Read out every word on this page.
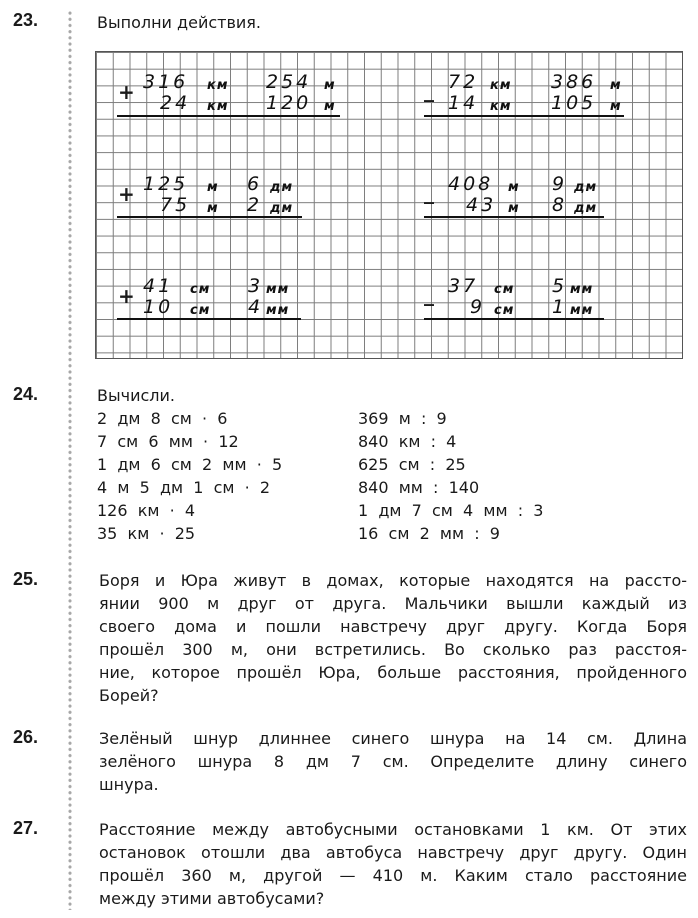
23.	Выполни действия.
+ 316 км 254 м
24 км 120 м
_ 72 км 386 м
14 км 105 м
+ 125 м 6 дм
75 м 2 дм
_ 408 м 9 дм
43 м 8 дм
+ 41 см 3 мм
10 см 4 мм
_ 37 см 5 мм
9 см 1 мм
24.	Вычисли.
2  дм  8  см  ·  6
7  см  6  мм  ·  12
1  дм  6  см  2  мм  ·  5
4  м  5  дм  1  см  ·  2
126  км  ·  4
35  км  ·  25
369  м  :  9
840  км  :  4
625  см  :  25
840  мм  :  140
1  дм  7  см  4  мм  :  3
16  см  2  мм  :  9
25.	Боря и Юра живут в домах, которые находятся на рассто-
янии 900 м друг от друга. Мальчики вышли каждый из
своего дома и пошли навстречу друг другу. Когда Боря
прошёл 300 м, они встретились. Во сколько раз расстоя-
ние, которое прошёл Юра, больше расстояния, пройденного
Борей?
26.	Зелёный шнур длиннее синего шнура на 14 см. Длина
зелёного шнура 8 дм 7 см. Определите длину синего
шнура.
27.	Расстояние между автобусными остановками 1 км. От этих
остановок отошли два автобуса навстречу друг другу. Один
прошёл 360 м, другой — 410 м. Каким стало расстояние
между этими автобусами?
